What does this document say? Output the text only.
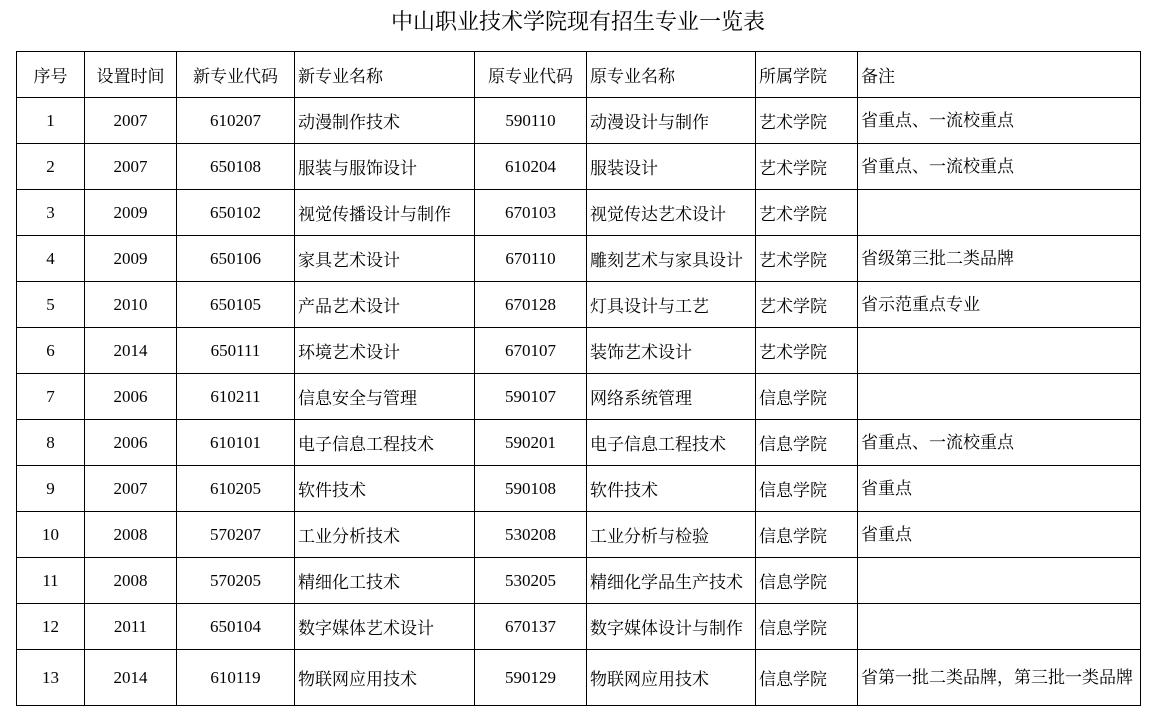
中山职业技术学院现有招生专业一览表
序号	设置时间	新专业代码	新专业名称	原专业代码	原专业名称	所属学院	备注
1	2007	610207	动漫制作技术	590110	动漫设计与制作	艺术学院	省重点、一流校重点
2	2007	650108	服装与服饰设计	610204	服装设计	艺术学院	省重点、一流校重点
3	2009	650102	视觉传播设计与制作	670103	视觉传达艺术设计	艺术学院	
4	2009	650106	家具艺术设计	670110	雕刻艺术与家具设计	艺术学院	省级第三批二类品牌
5	2010	650105	产品艺术设计	670128	灯具设计与工艺	艺术学院	省示范重点专业
6	2014	650111	环境艺术设计	670107	装饰艺术设计	艺术学院	
7	2006	610211	信息安全与管理	590107	网络系统管理	信息学院	
8	2006	610101	电子信息工程技术	590201	电子信息工程技术	信息学院	省重点、一流校重点
9	2007	610205	软件技术	590108	软件技术	信息学院	省重点
10	2008	570207	工业分析技术	530208	工业分析与检验	信息学院	省重点
11	2008	570205	精细化工技术	530205	精细化学品生产技术	信息学院	
12	2011	650104	数字媒体艺术设计	670137	数字媒体设计与制作	信息学院	
13	2014	610119	物联网应用技术	590129	物联网应用技术	信息学院	省第一批二类品牌，第三批一类品牌
